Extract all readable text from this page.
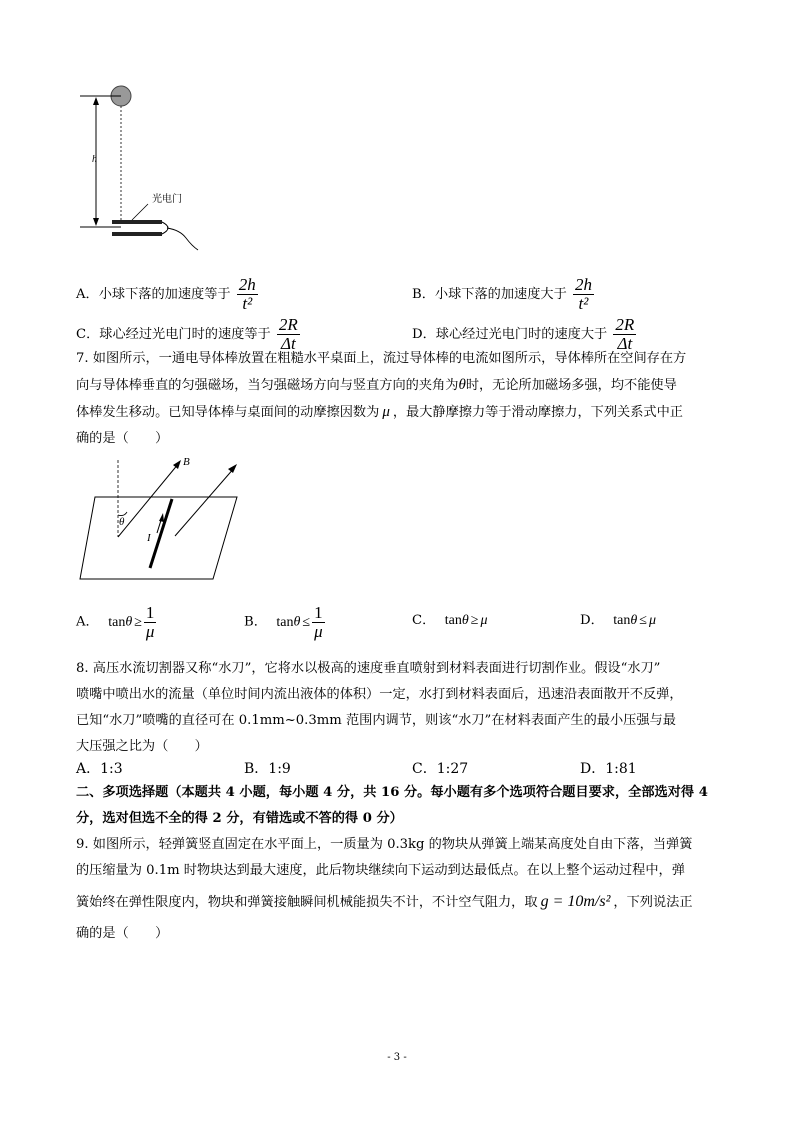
h
光电门
A．小球下落的加速度等于 $\frac{2h}{\text{t²}}$	B．小球下落的加速度大于 $\frac{2h}{\text{t²}}$
C．球心经过光电门时的速度等于 $\frac{2R}{\Delta t}$	D．球心经过光电门时的速度大于 $\frac{2R}{\Delta t}$
7. 如图所示，一通电导体棒放置在粗糙水平桌面上，流过导体棒的电流如图所示，导体棒所在空间存在方
向与导体棒垂直的匀强磁场，当匀强磁场方向与竖直方向的夹角为θ时，无论所加磁场多强，均不能使导
体棒发生移动。已知导体棒与桌面间的动摩擦因数为 μ ，最大静摩擦力等于滑动摩擦力，下列关系式中正
确的是（　　）
B
θ
I
A． $\tan\theta \ge \frac{1}{\mu}$	B． $\tan\theta \le \frac{1}{\mu}$	C． tanθ ≥ μ	D． tanθ ≤ μ
8. 高压水流切割器又称“水刀”，它将水以极高的速度垂直喷射到材料表面进行切割作业。假设“水刀”
喷嘴中喷出水的流量（单位时间内流出液体的体积）一定，水打到材料表面后，迅速沿表面散开不反弹，
已知“水刀”喷嘴的直径可在 0.1mm~0.3mm 范围内调节，则该“水刀”在材料表面产生的最小压强与最
大压强之比为（　　）
A．1:3	B．1:9	C．1:27	D．1:81
二、多项选择题（本题共 4 小题，每小题 4 分，共 16 分。每小题有多个选项符合题目要求，全部选对得 4
分，选对但选不全的得 2 分，有错选或不答的得 0 分）
9. 如图所示，轻弹簧竖直固定在水平面上，一质量为 0.3kg 的物块从弹簧上端某高度处自由下落，当弹簧
的压缩量为 0.1m 时物块达到最大速度，此后物块继续向下运动到达最低点。在以上整个运动过程中，弹
簧始终在弹性限度内，物块和弹簧接触瞬间机械能损失不计，不计空气阻力，取 g = 10m/s² ，下列说法正
确的是（　　）
- 3 -
